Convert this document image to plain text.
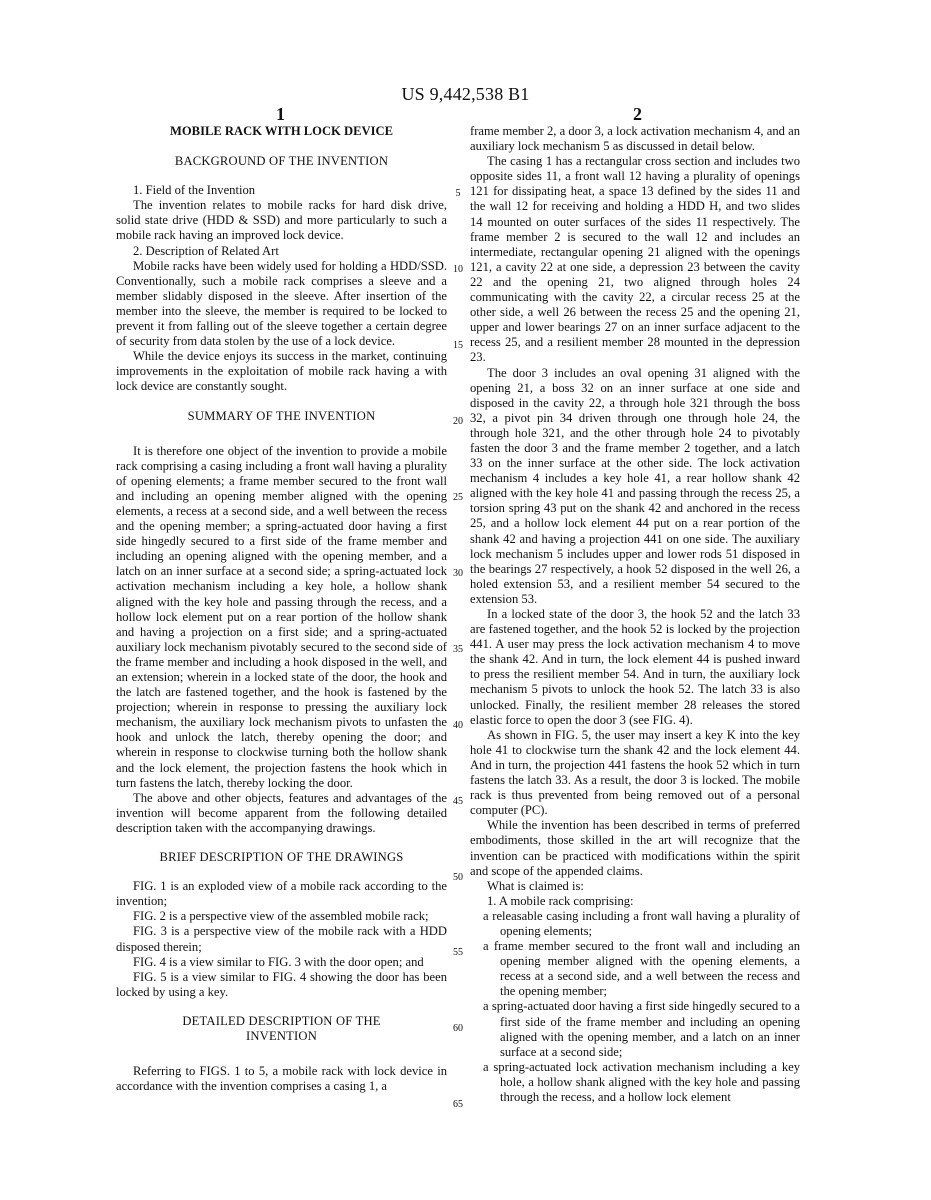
US 9,442,538 B1
1	2
MOBILE RACK WITH LOCK DEVICE
BACKGROUND OF THE INVENTION

1. Field of the Invention

The invention relates to mobile racks for hard disk drive, solid state drive (HDD & SSD) and more particularly to such a mobile rack having an improved lock device.

2. Description of Related Art

Mobile racks have been widely used for holding a HDD/SSD. Conventionally, such a mobile rack comprises a sleeve and a member slidably disposed in the sleeve. After insertion of the member into the sleeve, the member is required to be locked to prevent it from falling out of the sleeve together a certain degree of security from data stolen by the use of a lock device.

While the device enjoys its success in the market, continuing improvements in the exploitation of mobile rack having a with lock device are constantly sought.

SUMMARY OF THE INVENTION

It is therefore one object of the invention to provide a mobile rack comprising a casing including a front wall having a plurality of opening elements; a frame member secured to the front wall and including an opening member aligned with the opening elements, a recess at a second side, and a well between the recess and the opening member; a spring-actuated door having a first side hingedly secured to a first side of the frame member and including an opening aligned with the opening member, and a latch on an inner surface at a second side; a spring-actuated lock activation mechanism including a key hole, a hollow shank aligned with the key hole and passing through the recess, and a hollow lock element put on a rear portion of the hollow shank and having a projection on a first side; and a spring-actuated auxiliary lock mechanism pivotably secured to the second side of the frame member and including a hook disposed in the well, and an extension; wherein in a locked state of the door, the hook and the latch are fastened together, and the hook is fastened by the projection; wherein in response to pressing the auxiliary lock mechanism, the auxiliary lock mechanism pivots to unfasten the hook and unlock the latch, thereby opening the door; and wherein in response to clockwise turning both the hollow shank and the lock element, the projection fastens the hook which in turn fastens the latch, thereby locking the door.

The above and other objects, features and advantages of the invention will become apparent from the following detailed description taken with the accompanying drawings.

BRIEF DESCRIPTION OF THE DRAWINGS

FIG. 1 is an exploded view of a mobile rack according to the invention;

FIG. 2 is a perspective view of the assembled mobile rack;

FIG. 3 is a perspective view of the mobile rack with a HDD disposed therein;

FIG. 4 is a view similar to FIG. 3 with the door open; and

FIG. 5 is a view similar to FIG. 4 showing the door has been locked by using a key.

DETAILED DESCRIPTION OF THE INVENTION

Referring to FIGS. 1 to 5, a mobile rack with lock device in accordance with the invention comprises a casing 1, a

5
10
15
20
25
30
35
40
45
50
55
60
65

frame member 2, a door 3, a lock activation mechanism 4, and an auxiliary lock mechanism 5 as discussed in detail below.

The casing 1 has a rectangular cross section and includes two opposite sides 11, a front wall 12 having a plurality of openings 121 for dissipating heat, a space 13 defined by the sides 11 and the wall 12 for receiving and holding a HDD H, and two slides 14 mounted on outer surfaces of the sides 11 respectively. The frame member 2 is secured to the wall 12 and includes an intermediate, rectangular opening 21 aligned with the openings 121, a cavity 22 at one side, a depression 23 between the cavity 22 and the opening 21, two aligned through holes 24 communicating with the cavity 22, a circular recess 25 at the other side, a well 26 between the recess 25 and the opening 21, upper and lower bearings 27 on an inner surface adjacent to the recess 25, and a resilient member 28 mounted in the depression 23.

The door 3 includes an oval opening 31 aligned with the opening 21, a boss 32 on an inner surface at one side and disposed in the cavity 22, a through hole 321 through the boss 32, a pivot pin 34 driven through one through hole 24, the through hole 321, and the other through hole 24 to pivotably fasten the door 3 and the frame member 2 together, and a latch 33 on the inner surface at the other side. The lock activation mechanism 4 includes a key hole 41, a rear hollow shank 42 aligned with the key hole 41 and passing through the recess 25, a torsion spring 43 put on the shank 42 and anchored in the recess 25, and a hollow lock element 44 put on a rear portion of the shank 42 and having a projection 441 on one side. The auxiliary lock mechanism 5 includes upper and lower rods 51 disposed in the bearings 27 respectively, a hook 52 disposed in the well 26, a holed extension 53, and a resilient member 54 secured to the extension 53.

In a locked state of the door 3, the hook 52 and the latch 33 are fastened together, and the hook 52 is locked by the projection 441. A user may press the lock activation mechanism 4 to move the shank 42. And in turn, the lock element 44 is pushed inward to press the resilient member 54. And in turn, the auxiliary lock mechanism 5 pivots to unlock the hook 52. The latch 33 is also unlocked. Finally, the resilient member 28 releases the stored elastic force to open the door 3 (see FIG. 4).

As shown in FIG. 5, the user may insert a key K into the key hole 41 to clockwise turn the shank 42 and the lock element 44. And in turn, the projection 441 fastens the hook 52 which in turn fastens the latch 33. As a result, the door 3 is locked. The mobile rack is thus prevented from being removed out of a personal computer (PC).

While the invention has been described in terms of preferred embodiments, those skilled in the art will recognize that the invention can be practiced with modifications within the spirit and scope of the appended claims.

What is claimed is:

1. A mobile rack comprising:

a releasable casing including a front wall having a plurality of opening elements;

a frame member secured to the front wall and including an opening member aligned with the opening elements, a recess at a second side, and a well between the recess and the opening member;

a spring-actuated door having a first side hingedly secured to a first side of the frame member and including an opening aligned with the opening member, and a latch on an inner surface at a second side;

a spring-actuated lock activation mechanism including a key hole, a hollow shank aligned with the key hole and passing through the recess, and a hollow lock element
